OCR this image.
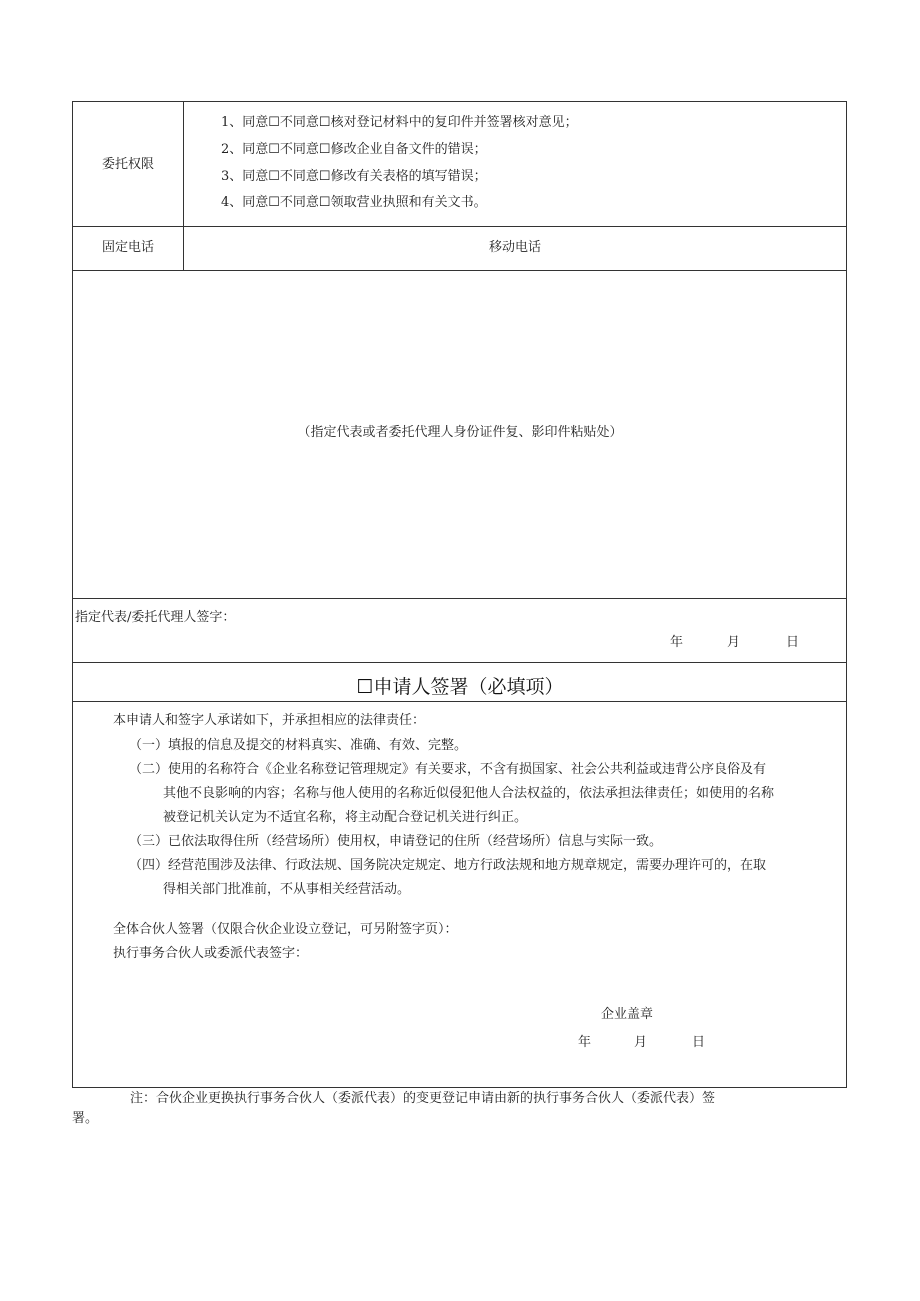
委托权限
1、同意☐不同意☐核对登记材料中的复印件并签署核对意见；
2、同意☐不同意☐修改企业自备文件的错误；
3、同意☐不同意☐修改有关表格的填写错误；
4、同意☐不同意☐领取营业执照和有关文书。
固定电话	移动电话
（指定代表或者委托代理人身份证件复、影印件粘贴处）
指定代表/委托代理人签字：
年	月	日
☐申请人签署（必填项）
本申请人和签字人承诺如下，并承担相应的法律责任：
（一）填报的信息及提交的材料真实、准确、有效、完整。
（二）使用的名称符合《企业名称登记管理规定》有关要求，不含有损国家、社会公共利益或违背公序良俗及有
其他不良影响的内容；名称与他人使用的名称近似侵犯他人合法权益的，依法承担法律责任；如使用的名称
被登记机关认定为不适宜名称，将主动配合登记机关进行纠正。
（三）已依法取得住所（经营场所）使用权，申请登记的住所（经营场所）信息与实际一致。
（四）经营范围涉及法律、行政法规、国务院决定规定、地方行政法规和地方规章规定，需要办理许可的，在取
得相关部门批准前，不从事相关经营活动。
全体合伙人签署（仅限合伙企业设立登记，可另附签字页）：
执行事务合伙人或委派代表签字：
企业盖章
年	月	日
注：合伙企业更换执行事务合伙人（委派代表）的变更登记申请由新的执行事务合伙人（委派代表）签
署。
